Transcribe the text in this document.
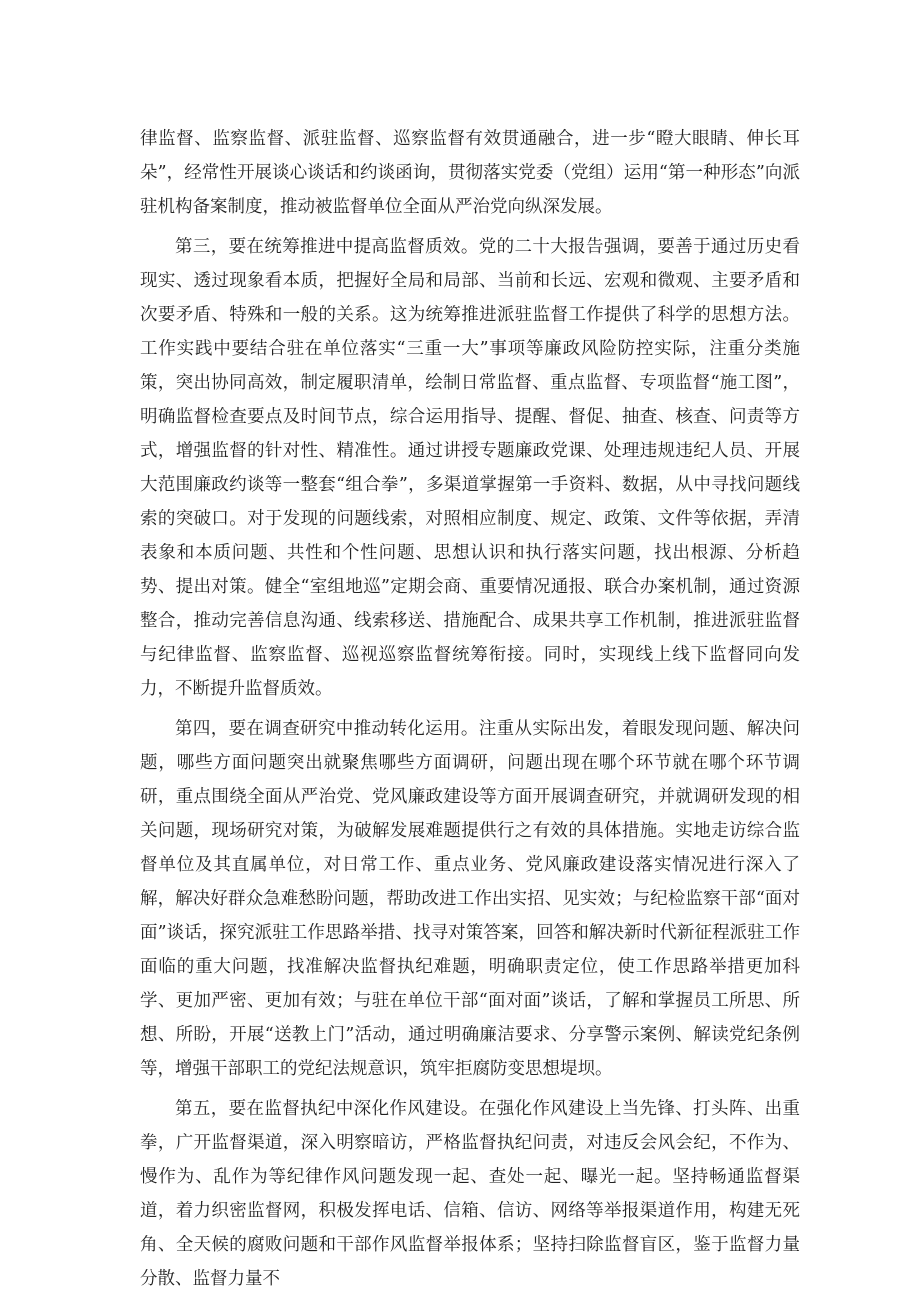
律监督、监察监督、派驻监督、巡察监督有效贯通融合，进一步“瞪大眼睛、伸长耳朵”，经常性开展谈心谈话和约谈函询，贯彻落实党委（党组）运用“第一种形态”向派驻机构备案制度，推动被监督单位全面从严治党向纵深发展。

第三，要在统筹推进中提高监督质效。党的二十大报告强调，要善于通过历史看现实、透过现象看本质，把握好全局和局部、当前和长远、宏观和微观、主要矛盾和次要矛盾、特殊和一般的关系。这为统筹推进派驻监督工作提供了科学的思想方法。工作实践中要结合驻在单位落实“三重一大”事项等廉政风险防控实际，注重分类施策，突出协同高效，制定履职清单，绘制日常监督、重点监督、专项监督“施工图”，明确监督检查要点及时间节点，综合运用指导、提醒、督促、抽查、核查、问责等方式，增强监督的针对性、精准性。通过讲授专题廉政党课、处理违规违纪人员、开展大范围廉政约谈等一整套“组合拳”，多渠道掌握第一手资料、数据，从中寻找问题线索的突破口。对于发现的问题线索，对照相应制度、规定、政策、文件等依据，弄清表象和本质问题、共性和个性问题、思想认识和执行落实问题，找出根源、分析趋势、提出对策。健全“室组地巡”定期会商、重要情况通报、联合办案机制，通过资源整合，推动完善信息沟通、线索移送、措施配合、成果共享工作机制，推进派驻监督与纪律监督、监察监督、巡视巡察监督统筹衔接。同时，实现线上线下监督同向发力，不断提升监督质效。

第四，要在调查研究中推动转化运用。注重从实际出发，着眼发现问题、解决问题，哪些方面问题突出就聚焦哪些方面调研，问题出现在哪个环节就在哪个环节调研，重点围绕全面从严治党、党风廉政建设等方面开展调查研究，并就调研发现的相关问题，现场研究对策，为破解发展难题提供行之有效的具体措施。实地走访综合监督单位及其直属单位，对日常工作、重点业务、党风廉政建设落实情况进行深入了解，解决好群众急难愁盼问题，帮助改进工作出实招、见实效；与纪检监察干部“面对面”谈话，探究派驻工作思路举措、找寻对策答案，回答和解决新时代新征程派驻工作面临的重大问题，找准解决监督执纪难题，明确职责定位，使工作思路举措更加科学、更加严密、更加有效；与驻在单位干部“面对面”谈话，了解和掌握员工所思、所想、所盼，开展“送教上门”活动，通过明确廉洁要求、分享警示案例、解读党纪条例等，增强干部职工的党纪法规意识，筑牢拒腐防变思想堤坝。

第五，要在监督执纪中深化作风建设。在强化作风建设上当先锋、打头阵、出重拳，广开监督渠道，深入明察暗访，严格监督执纪问责，对违反会风会纪，不作为、慢作为、乱作为等纪律作风问题发现一起、查处一起、曝光一起。坚持畅通监督渠道，着力织密监督网，积极发挥电话、信箱、信访、网络等举报渠道作用，构建无死角、全天候的腐败问题和干部作风监督举报体系；坚持扫除监督盲区，鉴于监督力量分散、监督力量不
